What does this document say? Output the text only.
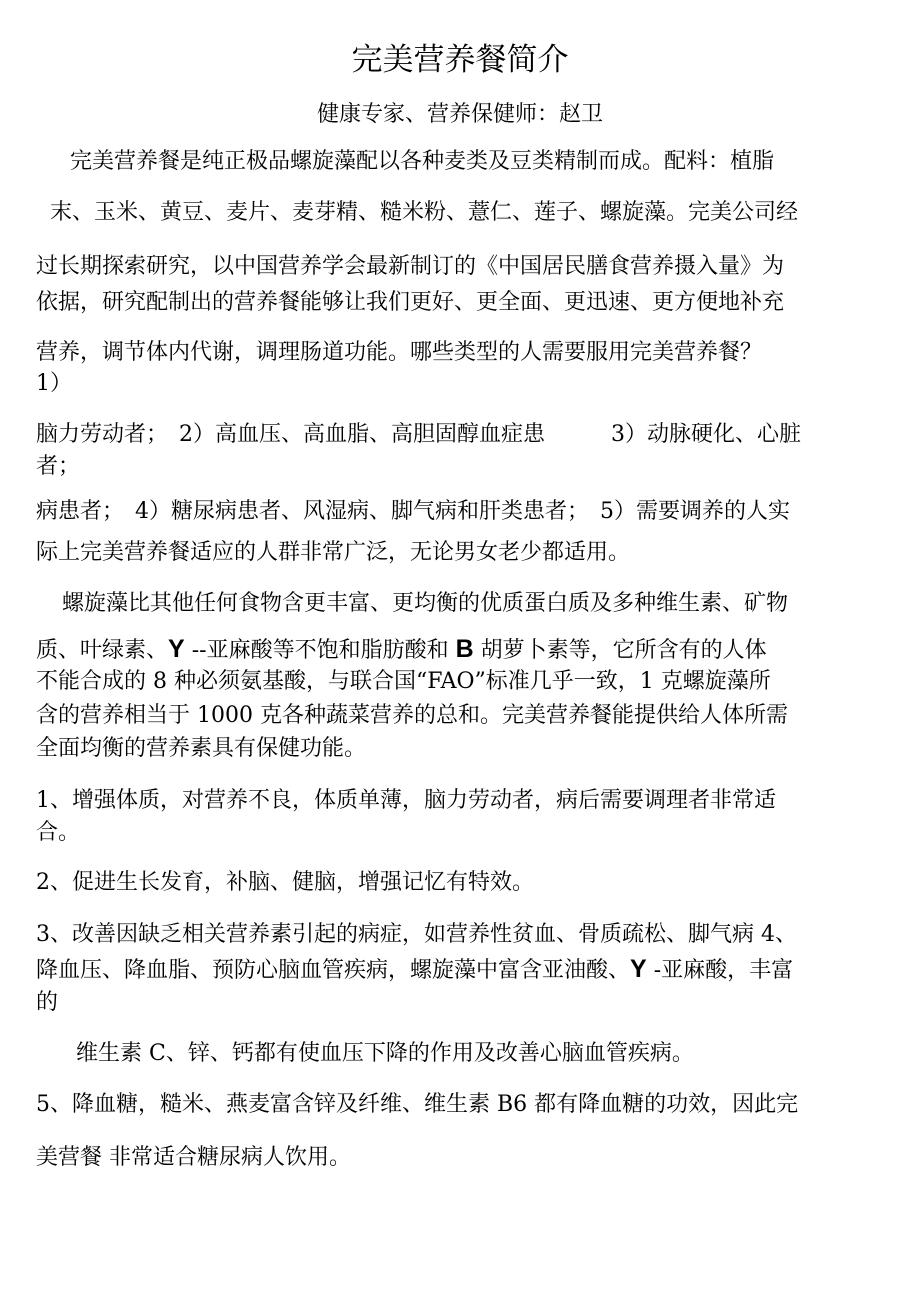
完美营养餐简介
健康专家、营养保健师：赵卫

完美营养餐是纯正极品螺旋藻配以各种麦类及豆类精制而成。配料：植脂

末、玉米、黄豆、麦片、麦芽精、糙米粉、薏仁、莲子、螺旋藻。完美公司经

过长期探索研究，以中国营养学会最新制订的《中国居民膳食营养摄入量》为

依据，研究配制出的营养餐能够让我们更好、更全面、更迅速、更方便地补充

营养，调节体内代谢，调理肠道功能。哪些类型的人需要服用完美营养餐？

1）

脑力劳动者；　2）高血压、高血脂、高胆固醇血症患　　　3）动脉硬化、心脏

者；

病患者；　4）糖尿病患者、风湿病、脚气病和肝类患者；　5）需要调养的人实

际上完美营养餐适应的人群非常广泛，无论男女老少都适用。

螺旋藻比其他任何食物含更丰富、更均衡的优质蛋白质及多种维生素、矿物

质、叶绿素、Y --亚麻酸等不饱和脂肪酸和 B 胡萝卜素等，它所含有的人体

不能合成的 8 种必须氨基酸，与联合国“FAO”标准几乎一致，1 克螺旋藻所

含的营养相当于 1000 克各种蔬菜营养的总和。完美营养餐能提供给人体所需

全面均衡的营养素具有保健功能。

1、增强体质，对营养不良，体质单薄，脑力劳动者，病后需要调理者非常适

合。

2、促进生长发育，补脑、健脑，增强记忆有特效。

3、改善因缺乏相关营养素引起的病症，如营养性贫血、骨质疏松、脚气病 4、

降血压、降血脂、预防心脑血管疾病，螺旋藻中富含亚油酸、Y -亚麻酸，丰富

的

维生素 C、锌、钙都有使血压下降的作用及改善心脑血管疾病。

5、降血糖，糙米、燕麦富含锌及纤维、维生素 B6 都有降血糖的功效，因此完

美营餐 非常适合糖尿病人饮用。
